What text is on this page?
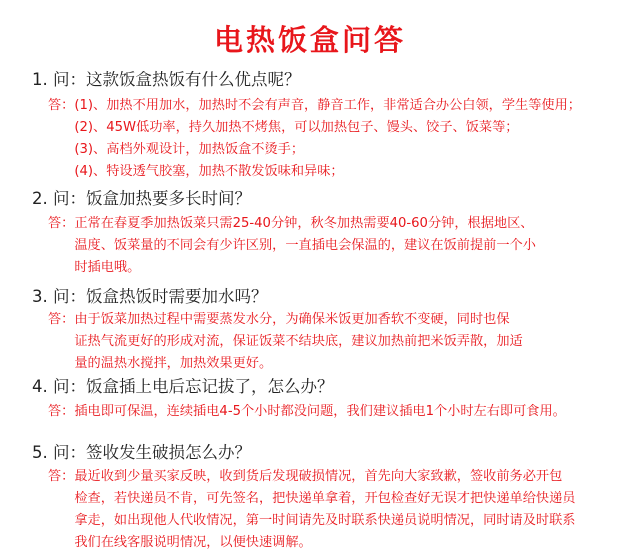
电热饭盒问答
1. 问：这款饭盒热饭有什么优点呢？
答：(1)、加热不用加水，加热时不会有声音，静音工作，非常适合办公白领，学生等使用；
　　(2)、45W低功率，持久加热不烤焦，可以加热包子、馒头、饺子、饭菜等；
　　(3)、高档外观设计，加热饭盒不烫手；
　　(4)、特设透气胶塞，加热不散发饭味和异味；
2. 问：饭盒加热要多长时间？
答：正常在春夏季加热饭菜只需25-40分钟，秋冬加热需要40-60分钟，根据地区、
　　温度、饭菜量的不同会有少许区别，一直插电会保温的，建议在饭前提前一个小
　　时插电哦。
3. 问：饭盒热饭时需要加水吗？
答：由于饭菜加热过程中需要蒸发水分，为确保米饭更加香软不变硬，同时也保
　　证热气流更好的形成对流，保证饭菜不结块底，建议加热前把米饭弄散，加适
　　量的温热水搅拌，加热效果更好。
4. 问：饭盒插上电后忘记拔了，怎么办？
答：插电即可保温，连续插电4-5个小时都没问题，我们建议插电1个小时左右即可食用。
5. 问：签收发生破损怎么办？
答：最近收到少量买家反映，收到货后发现破损情况，首先向大家致歉，签收前务必开包
　　检查，若快递员不肯，可先签名，把快递单拿着，开包检查好无误才把快递单给快递员
　　拿走，如出现他人代收情况，第一时间请先及时联系快递员说明情况，同时请及时联系
　　我们在线客服说明情况，以便快速调解。
